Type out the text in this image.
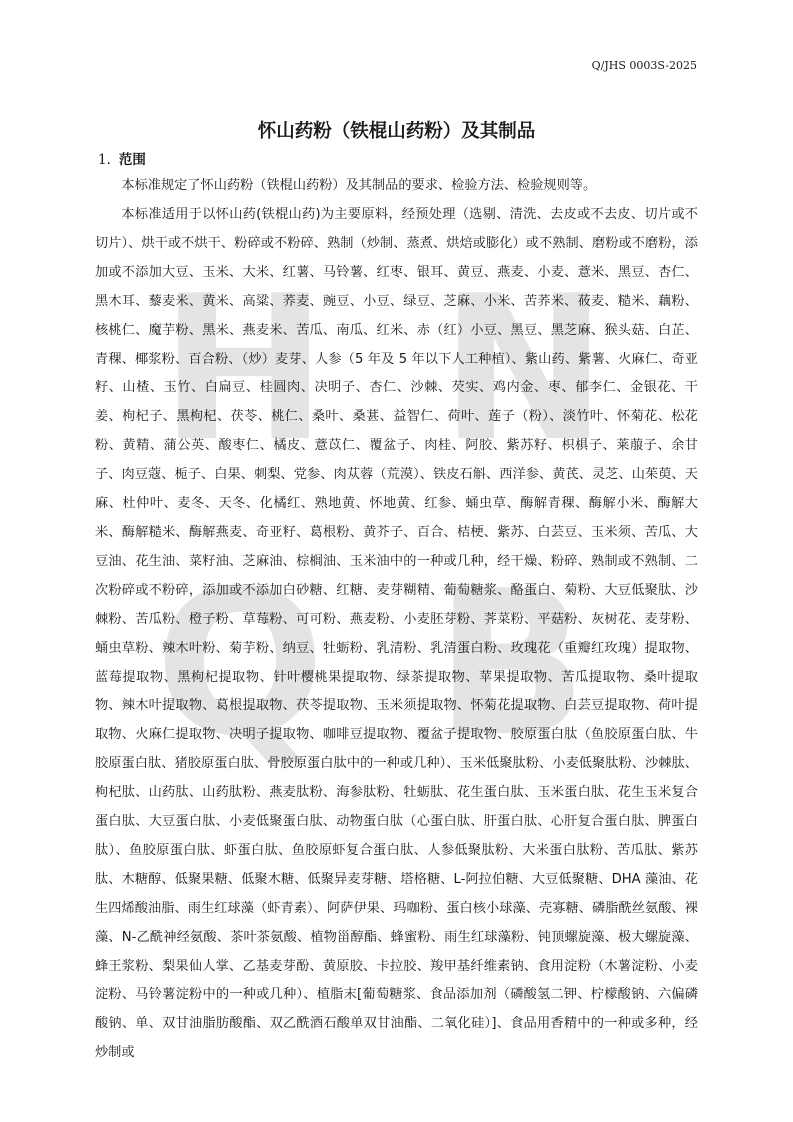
H N
Q B
Q/JHS 0003S-2025
怀山药粉（铁棍山药粉）及其制品
1. 范围

本标准规定了怀山药粉（铁棍山药粉）及其制品的要求、检验方法、检验规则等。

本标准适用于以怀山药(铁棍山药)为主要原料，经预处理（选剔、清洗、去皮或不去皮、切片或不切片）、烘干或不烘干、粉碎或不粉碎、熟制（炒制、蒸煮、烘焙或膨化）或不熟制、磨粉或不磨粉，添加或不添加大豆、玉米、大米、红薯、马铃薯、红枣、银耳、黄豆、燕麦、小麦、薏米、黑豆、杏仁、黑木耳、藜麦米、黄米、高粱、荞麦、豌豆、小豆、绿豆、芝麻、小米、苦荞米、莜麦、糙米、藕粉、核桃仁、魔芋粉、黑米、燕麦米、苦瓜、南瓜、红米、赤（红）小豆、黑豆、黑芝麻、猴头菇、白芷、青稞、椰浆粉、百合粉、（炒）麦芽、人参（5 年及 5 年以下人工种植）、紫山药、紫薯、火麻仁、奇亚籽、山楂、玉竹、白扁豆、桂圆肉、决明子、杏仁、沙棘、芡实、鸡内金、枣、郁李仁、金银花、干姜、枸杞子、黑枸杞、茯苓、桃仁、桑叶、桑葚、益智仁、荷叶、莲子（粉）、淡竹叶、怀菊花、松花粉、黄精、蒲公英、酸枣仁、橘皮、薏苡仁、覆盆子、肉桂、阿胶、紫苏籽、枳椇子、莱菔子、余甘子、肉豆蔻、栀子、白果、刺梨、党参、肉苁蓉（荒漠）、铁皮石斛、西洋参、黄芪、灵芝、山茱萸、天麻、杜仲叶、麦冬、天冬、化橘红、熟地黄、怀地黄、红参、蛹虫草、酶解青稞、酶解小米、酶解大米、酶解糙米、酶解燕麦、奇亚籽、葛根粉、黄芥子、百合、桔梗、紫苏、白芸豆、玉米须、苦瓜、大豆油、花生油、菜籽油、芝麻油、棕榈油、玉米油中的一种或几种，经干燥、粉碎、熟制或不熟制、二次粉碎或不粉碎，添加或不添加白砂糖、红糖、麦芽糊精、葡萄糖浆、酪蛋白、菊粉、大豆低聚肽、沙棘粉、苦瓜粉、橙子粉、草莓粉、可可粉、燕麦粉、小麦胚芽粉、荠菜粉、平菇粉、灰树花、麦芽粉、蛹虫草粉、辣木叶粉、菊芋粉、纳豆、牡蛎粉、乳清粉、乳清蛋白粉、玫瑰花（重瓣红玫瑰）提取物、蓝莓提取物、黑枸杞提取物、针叶樱桃果提取物、绿茶提取物、苹果提取物、苦瓜提取物、桑叶提取物、辣木叶提取物、葛根提取物、茯苓提取物、玉米须提取物、怀菊花提取物、白芸豆提取物、荷叶提取物、火麻仁提取物、决明子提取物、咖啡豆提取物、覆盆子提取物、胶原蛋白肽（鱼胶原蛋白肽、牛胶原蛋白肽、猪胶原蛋白肽、骨胶原蛋白肽中的一种或几种）、玉米低聚肽粉、小麦低聚肽粉、沙棘肽、枸杞肽、山药肽、山药肽粉、燕麦肽粉、海参肽粉、牡蛎肽、花生蛋白肽、玉米蛋白肽、花生玉米复合蛋白肽、大豆蛋白肽、小麦低聚蛋白肽、动物蛋白肽（心蛋白肽、肝蛋白肽、心肝复合蛋白肽、脾蛋白肽）、鱼胶原蛋白肽、虾蛋白肽、鱼胶原虾复合蛋白肽、人参低聚肽粉、大米蛋白肽粉、苦瓜肽、紫苏肽、木糖醇、低聚果糖、低聚木糖、低聚异麦芽糖、塔格糖、L-阿拉伯糖、大豆低聚糖、DHA 藻油、花生四烯酸油脂、雨生红球藻（虾青素）、阿萨伊果、玛咖粉、蛋白核小球藻、壳寡糖、磷脂酰丝氨酸、裸藻、N-乙酰神经氨酸、茶叶茶氨酸、植物甾醇酯、蜂蜜粉、雨生红球藻粉、钝顶螺旋藻、极大螺旋藻、蜂王浆粉、梨果仙人掌、乙基麦芽酚、黄原胶、卡拉胶、羧甲基纤维素钠、食用淀粉（木薯淀粉、小麦淀粉、马铃薯淀粉中的一种或几种）、植脂末[葡萄糖浆、食品添加剂（磷酸氢二钾、柠檬酸钠、六偏磷酸钠、单、双甘油脂肪酸酯、双乙酰酒石酸单双甘油酯、二氧化硅）]、食品用香精中的一种或多种，经炒制或
